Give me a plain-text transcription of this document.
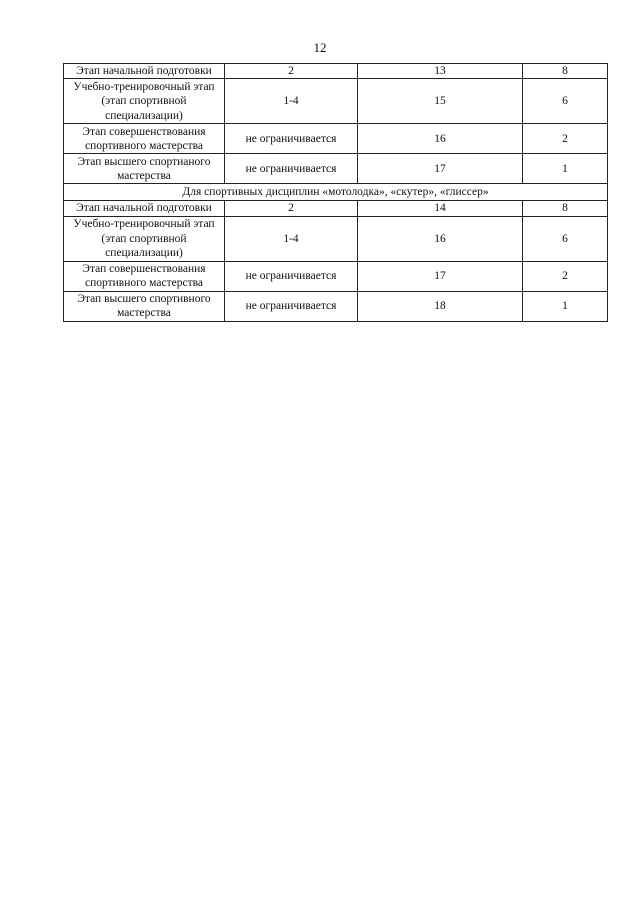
12
Этап начальной подготовки	2	13	8
Учебно-тренировочный этап (этап спортивной специализации)	1-4	15	6
Этап совершенствования спортивного мастерства	не ограничивается	16	2
Этап высшего спортианого мастерства	не ограничивается	17	1
Для спортивных дисциплин «мотолодка», «скутер», «глиссер»			
Этап начальной подготовки	2	14	8
Учебно-тренировочный этап (этап спортивной специализации)	1-4	16	6
Этап совершенствования спортивного мастерства	не ограничивается	17	2
Этап высшего спортивного мастерства	не ограничивается	18	1
